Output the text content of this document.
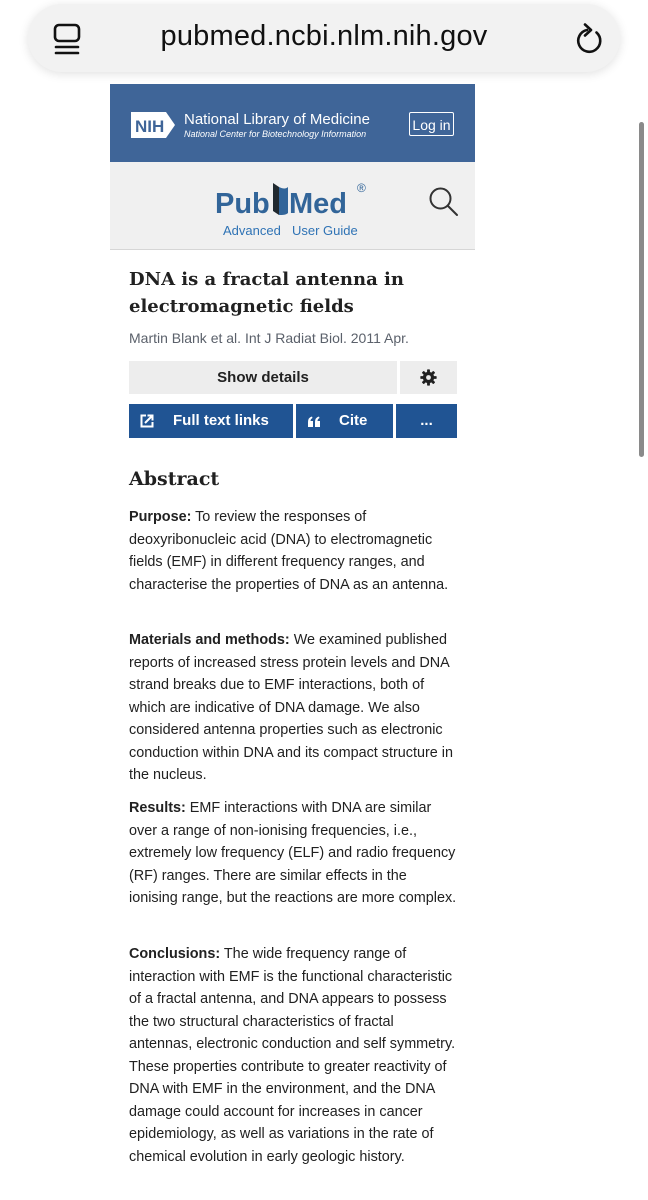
pubmed.ncbi.nlm.nih.gov
NIH National Library of Medicine
National Center for Biotechnology Information
Log in
Pub Med ®
Advanced User Guide
DNA is a fractal antenna in electromagnetic fields
Martin Blank et al. Int J Radiat Biol. 2011 Apr.
Show details
Full text links	Cite	...
Abstract

Purpose: To review the responses of deoxyribonucleic acid (DNA) to electromagnetic fields (EMF) in different frequency ranges, and characterise the properties of DNA as an antenna.

Materials and methods: We examined published reports of increased stress protein levels and DNA strand breaks due to EMF interactions, both of which are indicative of DNA damage. We also considered antenna properties such as electronic conduction within DNA and its compact structure in the nucleus.

Results: EMF interactions with DNA are similar over a range of non-ionising frequencies, i.e., extremely low frequency (ELF) and radio frequency (RF) ranges. There are similar effects in the ionising range, but the reactions are more complex.

Conclusions: The wide frequency range of interaction with EMF is the functional characteristic of a fractal antenna, and DNA appears to possess the two structural characteristics of fractal antennas, electronic conduction and self symmetry. These properties contribute to greater reactivity of DNA with EMF in the environment, and the DNA damage could account for increases in cancer epidemiology, as well as variations in the rate of chemical evolution in early geologic history.
